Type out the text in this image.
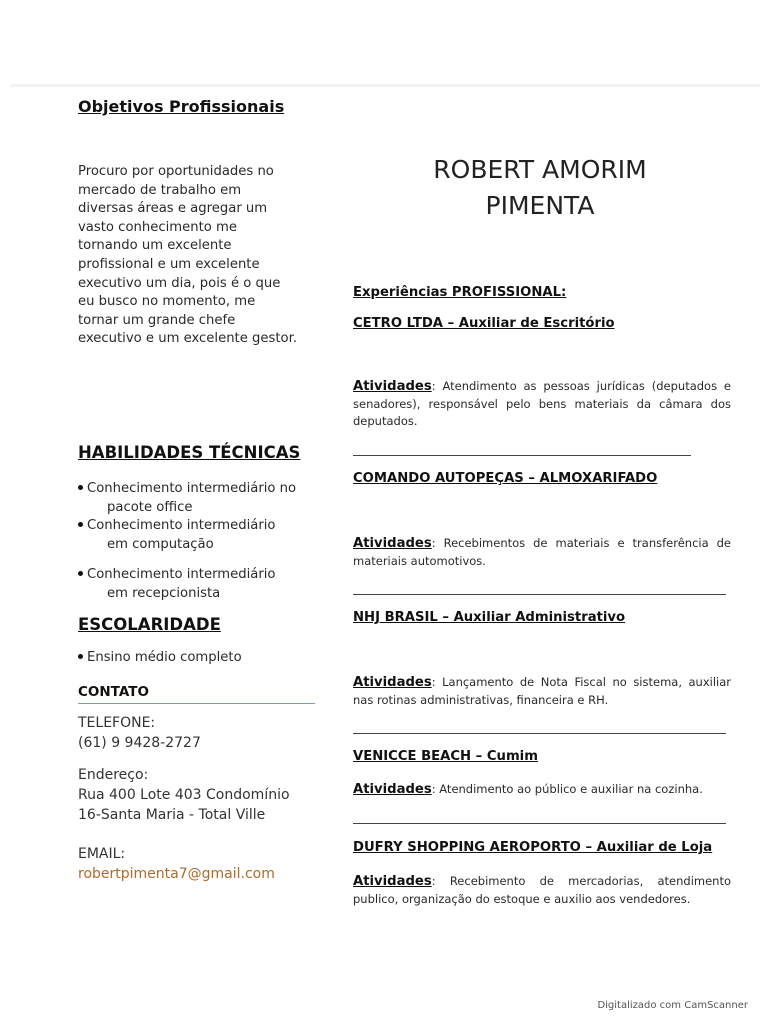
Objetivos Profissionais
Procuro por oportunidades no
mercado de trabalho em
diversas áreas e agregar um
vasto conhecimento me
tornando um excelente
profissional e um excelente
executivo um dia, pois é o que
eu busco no momento, me
tornar um grande chefe
executivo e um excelente gestor.
HABILIDADES TÉCNICAS
Conhecimento intermediário no
pacote office
Conhecimento intermediário
em computação
Conhecimento intermediário
em recepcionista
ESCOLARIDADE
Ensino médio completo
CONTATO
TELEFONE:
(61) 9 9428-2727
Endereço:
Rua 400 Lote 403 Condomínio
16-Santa Maria - Total Ville
EMAIL:
robertpimenta7@gmail.com
ROBERT AMORIM
PIMENTA
Experiências PROFISSIONAL:
CETRO LTDA – Auxiliar de Escritório
Atividades: Atendimento as pessoas jurídicas (deputados e senadores), responsável pelo bens materiais da câmara dos deputados.
COMANDO AUTOPEÇAS – ALMOXARIFADO
Atividades: Recebimentos de materiais e transferência de materiais automotivos.
NHJ BRASIL – Auxiliar Administrativo
Atividades: Lançamento de Nota Fiscal no sistema, auxiliar nas rotinas administrativas, financeira e RH.
VENICCE BEACH – Cumim
Atividades: Atendimento ao público e auxiliar na cozinha.
DUFRY SHOPPING AEROPORTO – Auxiliar de Loja
Atividades: Recebimento de mercadorias, atendimento publico, organização do estoque e auxilio aos vendedores.
Digitalizado com CamScanner
